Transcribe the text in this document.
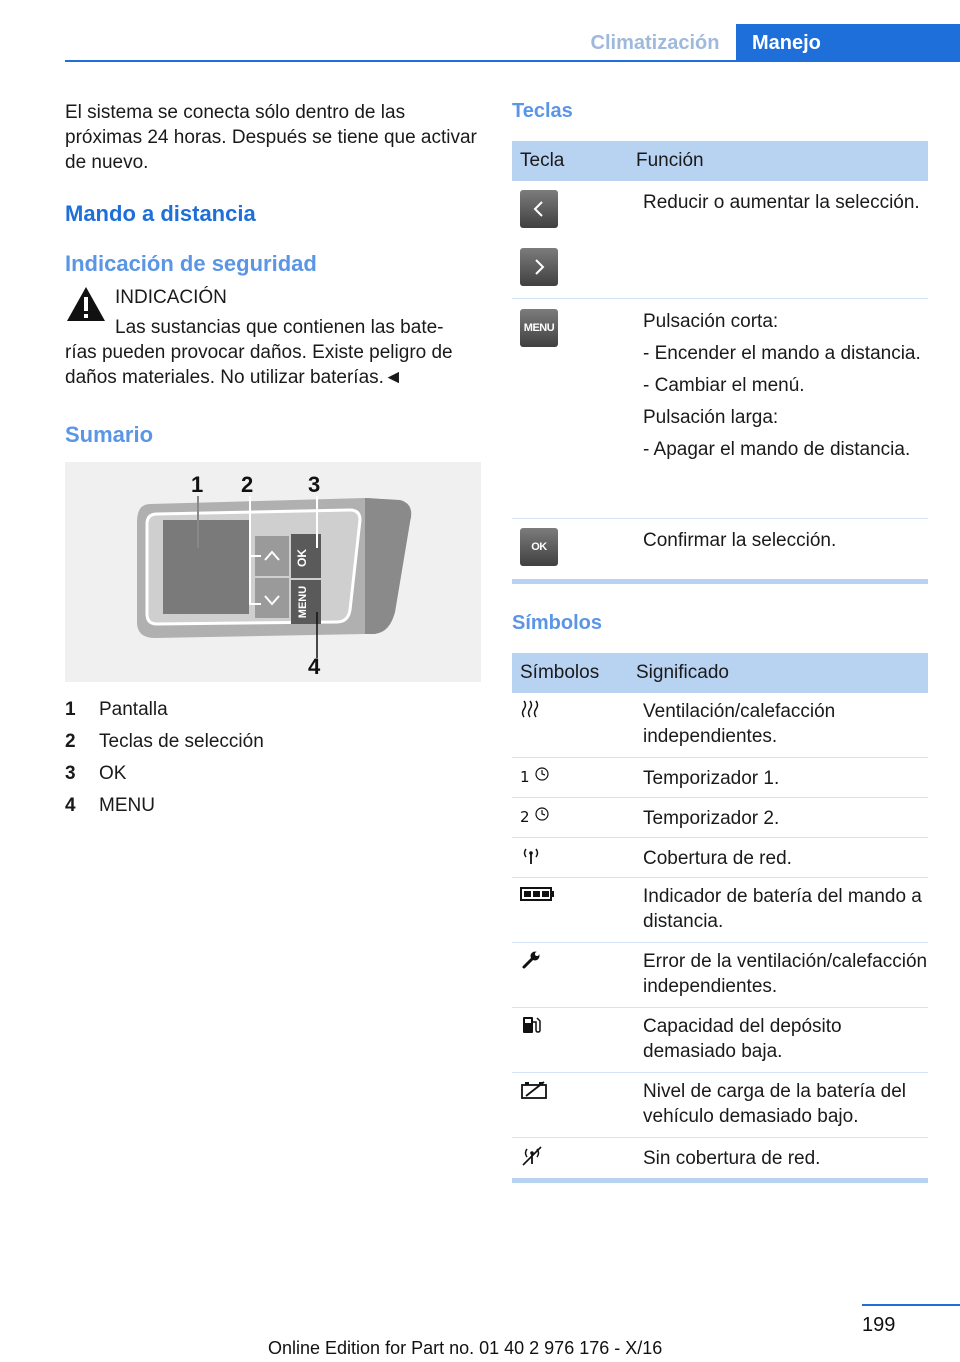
Climatización	Manejo

El sistema se conecta sólo dentro de las próximas 24 horas. Después se tiene que activar de nuevo.

Mando a distancia
Indicación de seguridad
INDICACIÓN
Las sustancias que contienen las bate-
rías pueden provocar daños. Existe peligro de daños materiales. No utilizar baterías.◄
Sumario
OK
MENU
1 2 3
4
1	Pantalla
2	Teclas de selección
3	OK
4	MENU
Teclas
Tecla	Función

Reducir o aumentar la selección.

MENU	Pulsación corta:

- Encender el mando a distancia.

- Cambiar el menú.

Pulsación larga:

- Apagar el mando de distancia.

OK	Confirmar la selección.

Símbolos
Símbolos	Significado

Ventilación/calefacción independientes.

1	Temporizador 1.

2	Temporizador 2.

Cobertura de red.

Indicador de batería del mando a distancia.

Error de la ventilación/calefacción independientes.

Capacidad del depósito demasiado baja.

Nivel de carga de la batería del vehículo demasiado bajo.

Sin cobertura de red.

199
Online Edition for Part no. 01 40 2 976 176 - X/16
